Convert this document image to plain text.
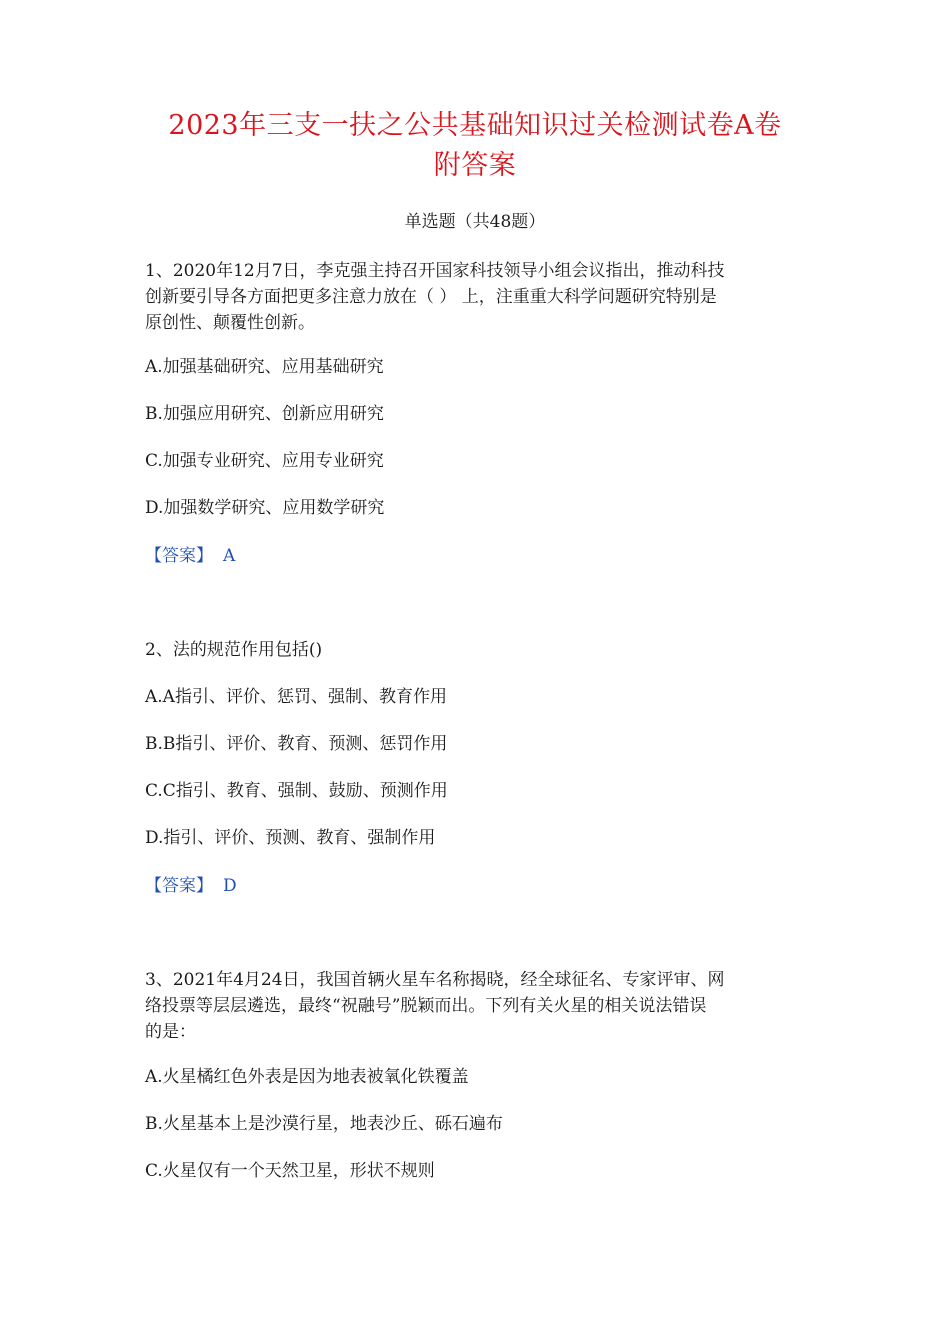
2023年三支一扶之公共基础知识过关检测试卷A卷
附答案
单选题（共48题）
1、2020年12月7日，李克强主持召开国家科技领导小组会议指出，推动科技
创新要引导各方面把更多注意力放在（ ） 上，注重重大科学问题研究特别是
原创性、颠覆性创新。
A.加强基础研究、应用基础研究
B.加强应用研究、创新应用研究
C.加强专业研究、应用专业研究
D.加强数学研究、应用数学研究
【答案】 A
2、法的规范作用包括()
A.A指引、评价、惩罚、强制、教育作用
B.B指引、评价、教育、预测、惩罚作用
C.C指引、教育、强制、鼓励、预测作用
D.指引、评价、预测、教育、强制作用
【答案】 D
3、2021年4月24日，我国首辆火星车名称揭晓，经全球征名、专家评审、网
络投票等层层遴选，最终“祝融号”脱颖而出。下列有关火星的相关说法错误
的是：
A.火星橘红色外表是因为地表被氧化铁覆盖
B.火星基本上是沙漠行星，地表沙丘、砾石遍布
C.火星仅有一个天然卫星，形状不规则
